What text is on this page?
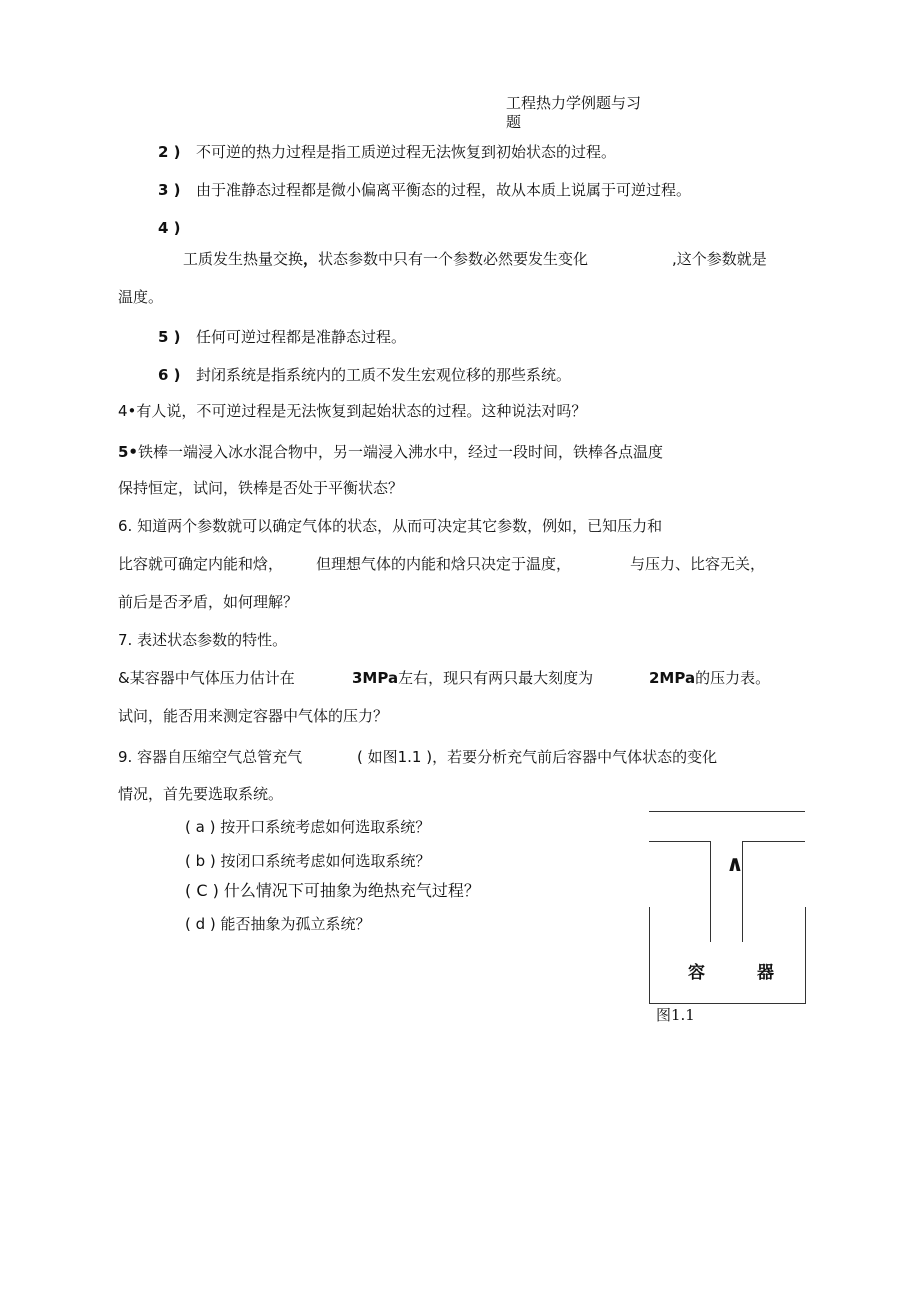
工程热力学例题与习
题
2 ) 不可逆的热力过程是指工质逆过程无法恢复到初始状态的过程。
3 ) 由于准静态过程都是微小偏离平衡态的过程，故从本质上说属于可逆过程。
4 )
工质发生热量交换，状态参数中只有一个参数必然要发生变化	,这个参数就是
温度。
5 ) 任何可逆过程都是准静态过程。
6 ) 封闭系统是指系统内的工质不发生宏观位移的那些系统。
4•有人说，不可逆过程是无法恢复到起始状态的过程。这种说法对吗？
5•铁棒一端浸入冰水混合物中，另一端浸入沸水中，经过一段时间，铁棒各点温度
保持恒定，试问，铁棒是否处于平衡状态？
6. 知道两个参数就可以确定气体的状态，从而可决定其它参数，例如，已知压力和
比容就可确定内能和焓， 但理想气体的内能和焓只决定于温度，	与压力、比容无关，
前后是否矛盾，如何理解？
7. 表述状态参数的特性。
&某容器中气体压力估计在	3MPa左右，现只有两只最大刻度为	2MPa的压力表。
试问，能否用来测定容器中气体的压力？
9. 容器自压缩空气总管充气	( 如图1.1 )，若要分析充气前后容器中气体状态的变化
情况，首先要选取系统。
( a ) 按开口系统考虑如何选取系统？
( b ) 按闭口系统考虑如何选取系统？
( C ) 什么情况下可抽象为绝热充气过程？
( d ) 能否抽象为孤立系统？
∧
容	器
图1.1
